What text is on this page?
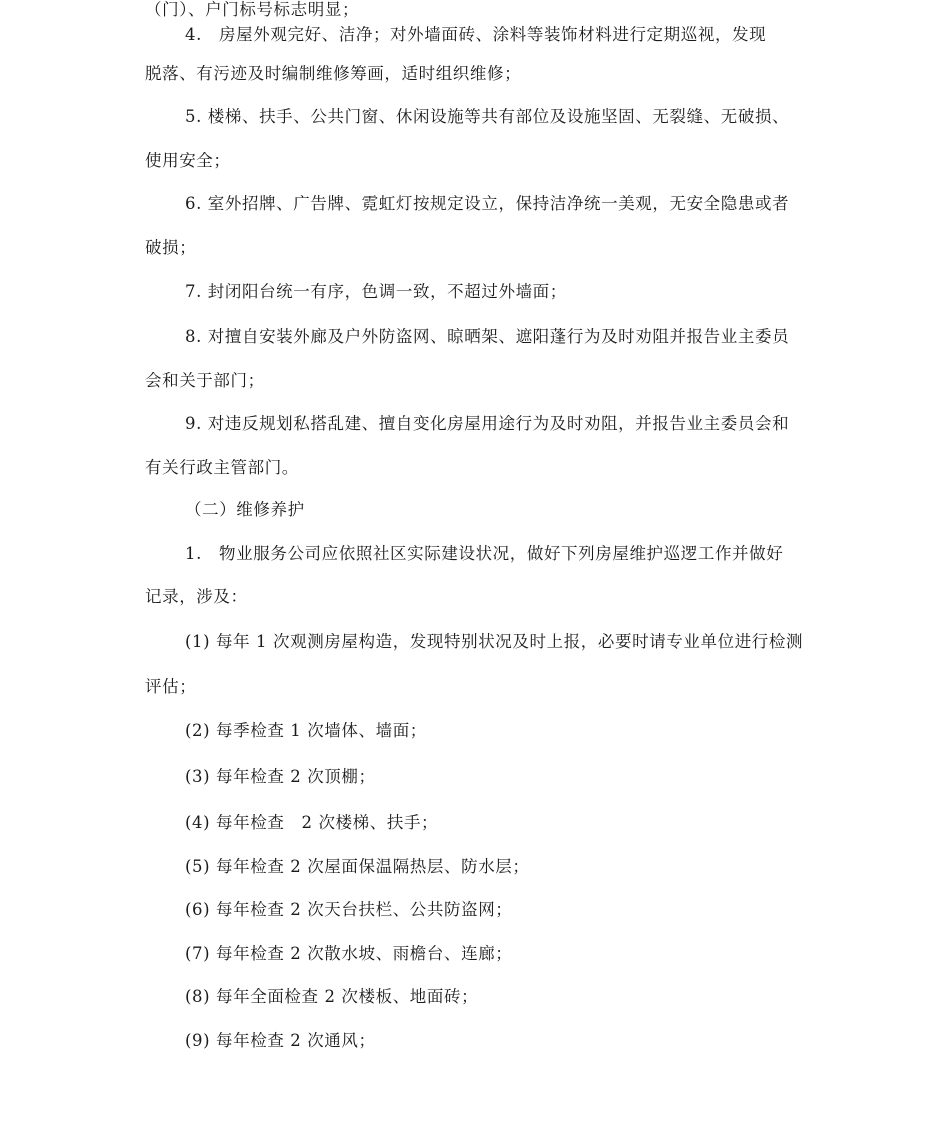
（门）、户门标号标志明显；
4.　房屋外观完好、洁净；对外墙面砖、涂料等装饰材料进行定期巡视，发现
脱落、有污迹及时编制维修筹画，适时组织维修；
5. 楼梯、扶手、公共门窗、休闲设施等共有部位及设施坚固、无裂缝、无破损、
使用安全；
6. 室外招牌、广告牌、霓虹灯按规定设立，保持洁净统一美观，无安全隐患或者
破损；
7. 封闭阳台统一有序，色调一致，不超过外墙面；
8. 对擅自安装外廊及户外防盗网、晾晒架、遮阳蓬行为及时劝阻并报告业主委员
会和关于部门；
9. 对违反规划私搭乱建、擅自变化房屋用途行为及时劝阻，并报告业主委员会和
有关行政主管部门。
（二）维修养护
1.　物业服务公司应依照社区实际建设状况，做好下列房屋维护巡逻工作并做好
记录，涉及：
(1) 每年 1 次观测房屋构造，发现特别状况及时上报，必要时请专业单位进行检测
评估；
(2) 每季检查 1 次墙体、墙面；
(3) 每年检查 2 次顶棚；
(4) 每年检查　2 次楼梯、扶手；
(5) 每年检查 2 次屋面保温隔热层、防水层；
(6) 每年检查 2 次天台扶栏、公共防盗网；
(7) 每年检查 2 次散水坡、雨檐台、连廊；
(8) 每年全面检查 2 次楼板、地面砖；
(9) 每年检查 2 次通风；
